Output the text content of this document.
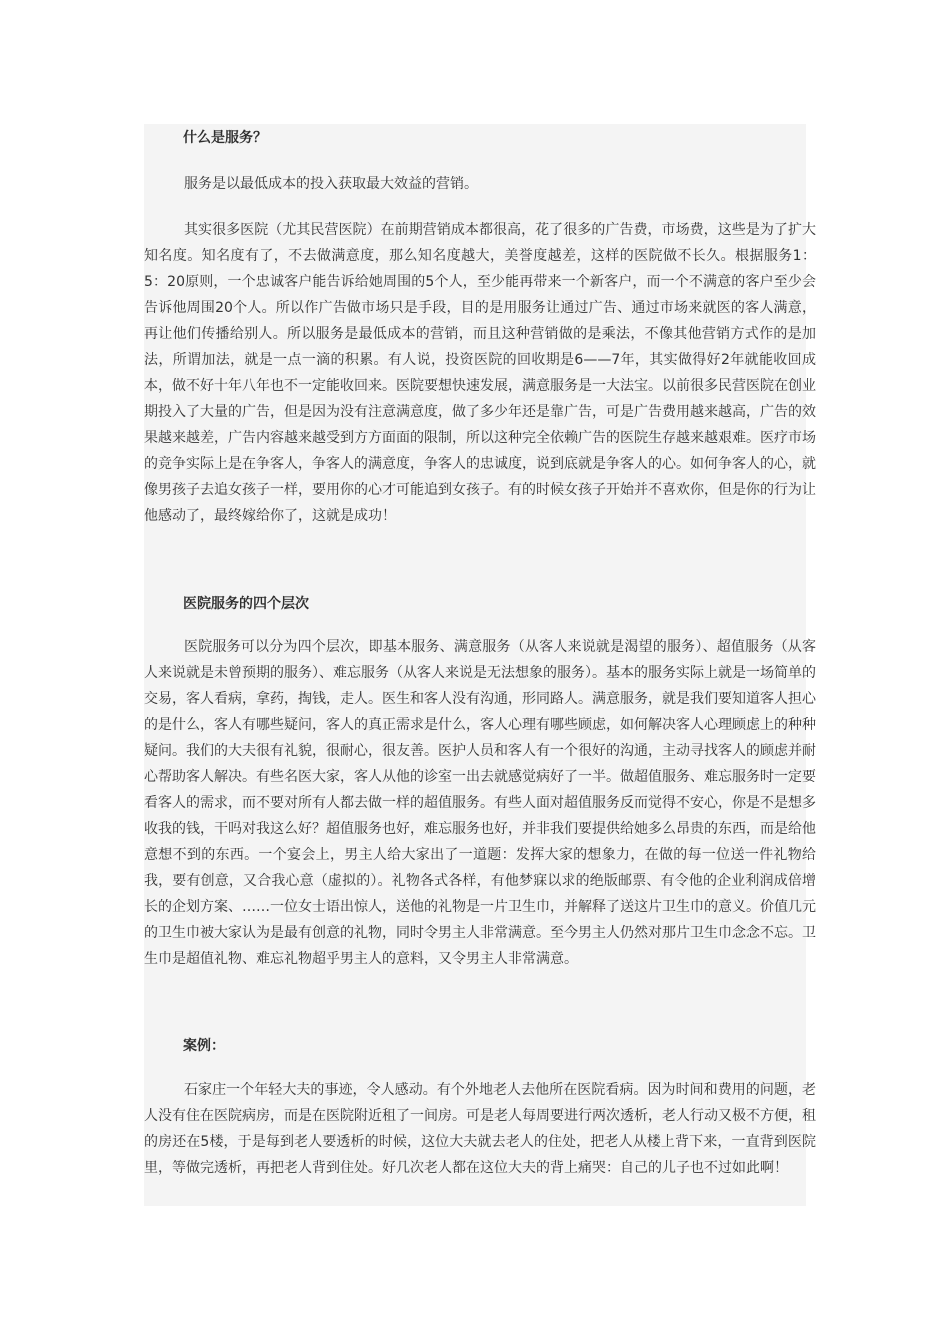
什么是服务？

服务是以最低成本的投入获取最大效益的营销。

其实很多医院（尤其民营医院）在前期营销成本都很高，花了很多的广告费，市场费，这些是为了扩大知名度。知名度有了，不去做满意度，那么知名度越大，美誉度越差，这样的医院做不长久。根据服务1：5：20原则，一个忠诚客户能告诉给她周围的5个人，至少能再带来一个新客户，而一个不满意的客户至少会告诉他周围20个人。所以作广告做市场只是手段，目的是用服务让通过广告、通过市场来就医的客人满意，再让他们传播给别人。所以服务是最低成本的营销，而且这种营销做的是乘法，不像其他营销方式作的是加法，所谓加法，就是一点一滴的积累。有人说，投资医院的回收期是6——7年，其实做得好2年就能收回成本，做不好十年八年也不一定能收回来。医院要想快速发展，满意服务是一大法宝。以前很多民营医院在创业期投入了大量的广告，但是因为没有注意满意度，做了多少年还是靠广告，可是广告费用越来越高，广告的效果越来越差，广告内容越来越受到方方面面的限制，所以这种完全依赖广告的医院生存越来越艰难。医疗市场的竞争实际上是在争客人，争客人的满意度，争客人的忠诚度，说到底就是争客人的心。如何争客人的心，就像男孩子去追女孩子一样，要用你的心才可能追到女孩子。有的时候女孩子开始并不喜欢你，但是你的行为让他感动了，最终嫁给你了，这就是成功！

医院服务的四个层次

医院服务可以分为四个层次，即基本服务、满意服务（从客人来说就是渴望的服务）、超值服务（从客人来说就是未曾预期的服务）、难忘服务（从客人来说是无法想象的服务）。基本的服务实际上就是一场简单的交易，客人看病，拿药，掏钱，走人。医生和客人没有沟通，形同路人。满意服务，就是我们要知道客人担心的是什么，客人有哪些疑问，客人的真正需求是什么，客人心理有哪些顾虑，如何解决客人心理顾虑上的种种疑问。我们的大夫很有礼貌，很耐心，很友善。医护人员和客人有一个很好的沟通，主动寻找客人的顾虑并耐心帮助客人解决。有些名医大家，客人从他的诊室一出去就感觉病好了一半。做超值服务、难忘服务时一定要看客人的需求，而不要对所有人都去做一样的超值服务。有些人面对超值服务反而觉得不安心，你是不是想多收我的钱，干吗对我这么好？超值服务也好，难忘服务也好，并非我们要提供给她多么昂贵的东西，而是给他意想不到的东西。一个宴会上，男主人给大家出了一道题：发挥大家的想象力，在做的每一位送一件礼物给我，要有创意，又合我心意（虚拟的）。礼物各式各样，有他梦寐以求的绝版邮票、有令他的企业利润成倍增长的企划方案、……一位女士语出惊人，送他的礼物是一片卫生巾，并解释了送这片卫生巾的意义。价值几元的卫生巾被大家认为是最有创意的礼物，同时令男主人非常满意。至今男主人仍然对那片卫生巾念念不忘。卫生巾是超值礼物、难忘礼物超乎男主人的意料，又令男主人非常满意。

案例：

石家庄一个年轻大夫的事迹，令人感动。有个外地老人去他所在医院看病。因为时间和费用的问题，老人没有住在医院病房，而是在医院附近租了一间房。可是老人每周要进行两次透析，老人行动又极不方便，租的房还在5楼，于是每到老人要透析的时候，这位大夫就去老人的住处，把老人从楼上背下来，一直背到医院里，等做完透析，再把老人背到住处。好几次老人都在这位大夫的背上痛哭：自己的儿子也不过如此啊！
